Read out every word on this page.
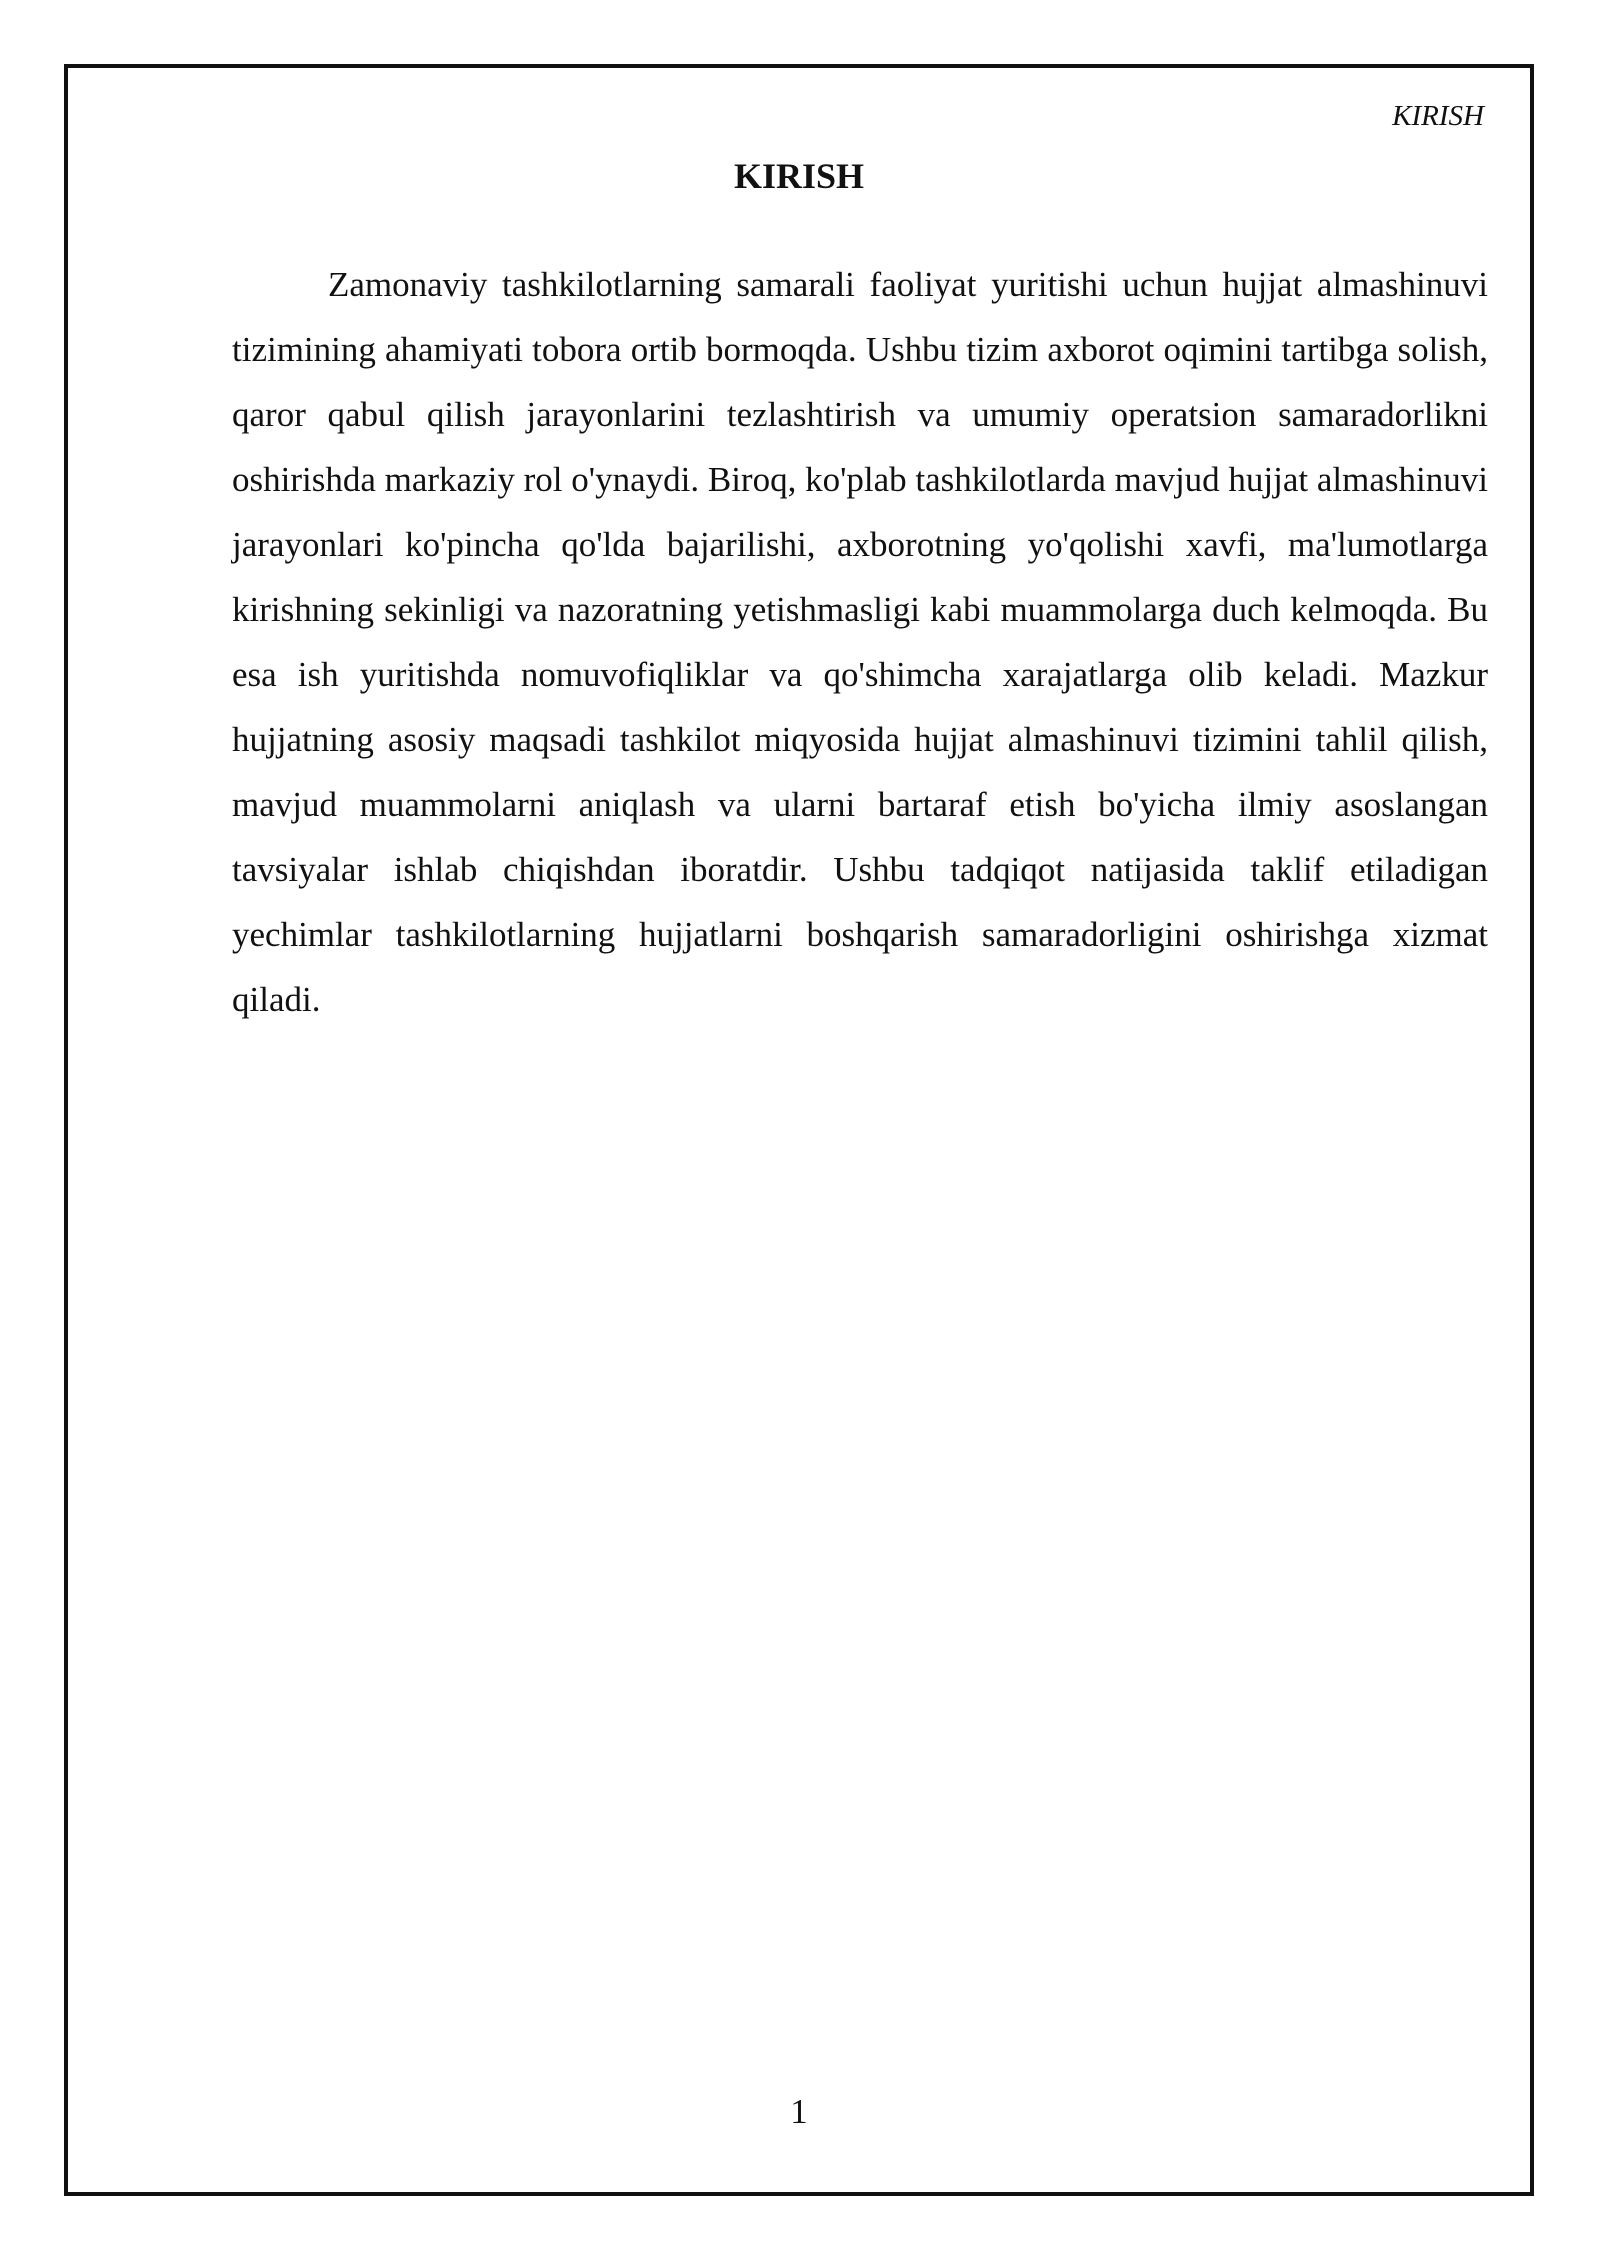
KIRISH
KIRISH

Zamonaviy tashkilotlarning samarali faoliyat yuritishi uchun hujjat almashinuvi tizimining ahamiyati tobora ortib bormoqda. Ushbu tizim axborot oqimini tartibga solish, qaror qabul qilish jarayonlarini tezlashtirish va umumiy operatsion samaradorlikni oshirishda markaziy rol o'ynaydi. Biroq, ko'plab tashkilotlarda mavjud hujjat almashinuvi jarayonlari ko'pincha qo'lda bajarilishi, axborotning yo'qolishi xavfi, ma'lumotlarga kirishning sekinligi va nazoratning yetishmasligi kabi muammolarga duch kelmoqda. Bu esa ish yuritishda nomuvofiqliklar va qo'shimcha xarajatlarga olib keladi. Mazkur hujjatning asosiy maqsadi tashkilot miqyosida hujjat almashinuvi tizimini tahlil qilish, mavjud muammolarni aniqlash va ularni bartaraf etish bo'yicha ilmiy asoslangan tavsiyalar ishlab chiqishdan iboratdir. Ushbu tadqiqot natijasida taklif etiladigan yechimlar tashkilotlarning hujjatlarni boshqarish samaradorligini oshirishga xizmat qiladi.

1
